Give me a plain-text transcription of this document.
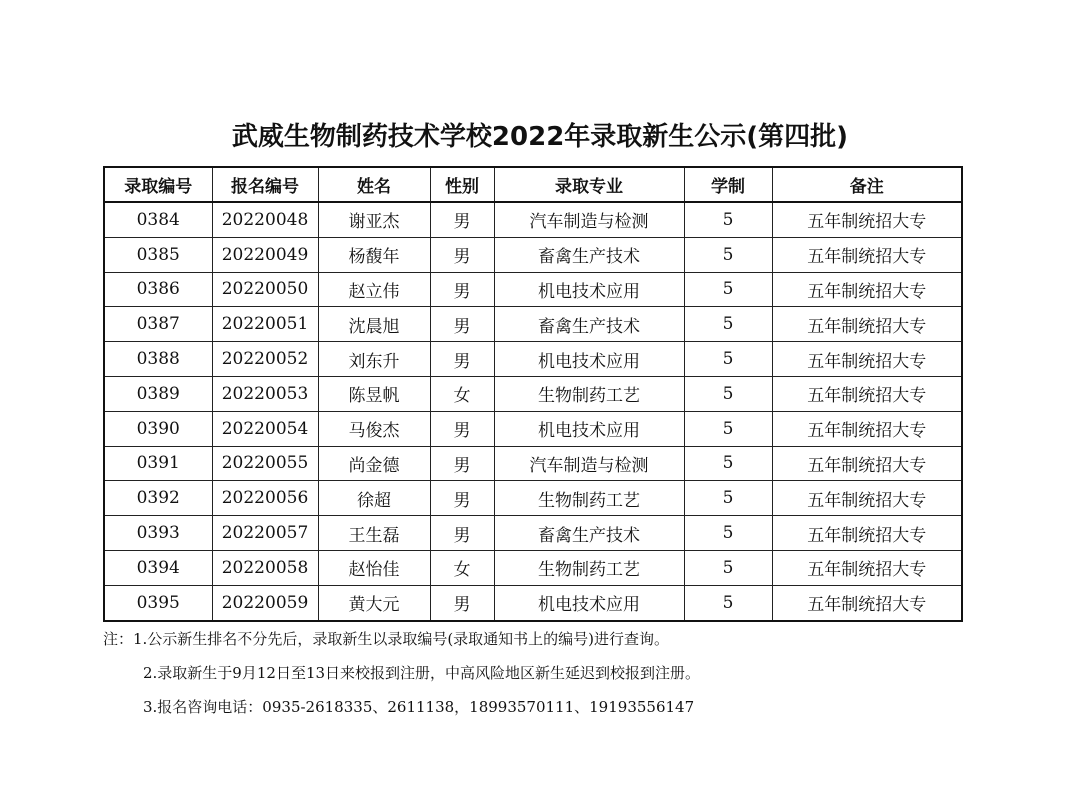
武威生物制药技术学校2022年录取新生公示(第四批)
录取编号	报名编号	姓名	性别	录取专业	学制	备注
0384	20220048	谢亚杰	男	汽车制造与检测	5	五年制统招大专
0385	20220049	杨馥年	男	畜禽生产技术	5	五年制统招大专
0386	20220050	赵立伟	男	机电技术应用	5	五年制统招大专
0387	20220051	沈晨旭	男	畜禽生产技术	5	五年制统招大专
0388	20220052	刘东升	男	机电技术应用	5	五年制统招大专
0389	20220053	陈昱帆	女	生物制药工艺	5	五年制统招大专
0390	20220054	马俊杰	男	机电技术应用	5	五年制统招大专
0391	20220055	尚金德	男	汽车制造与检测	5	五年制统招大专
0392	20220056	徐超	男	生物制药工艺	5	五年制统招大专
0393	20220057	王生磊	男	畜禽生产技术	5	五年制统招大专
0394	20220058	赵怡佳	女	生物制药工艺	5	五年制统招大专
0395	20220059	黄大元	男	机电技术应用	5	五年制统招大专
注：1.公示新生排名不分先后，录取新生以录取编号(录取通知书上的编号)进行查询。
2.录取新生于9月12日至13日来校报到注册，中高风险地区新生延迟到校报到注册。
3.报名咨询电话：0935-2618335、2611138，18993570111、19193556147
